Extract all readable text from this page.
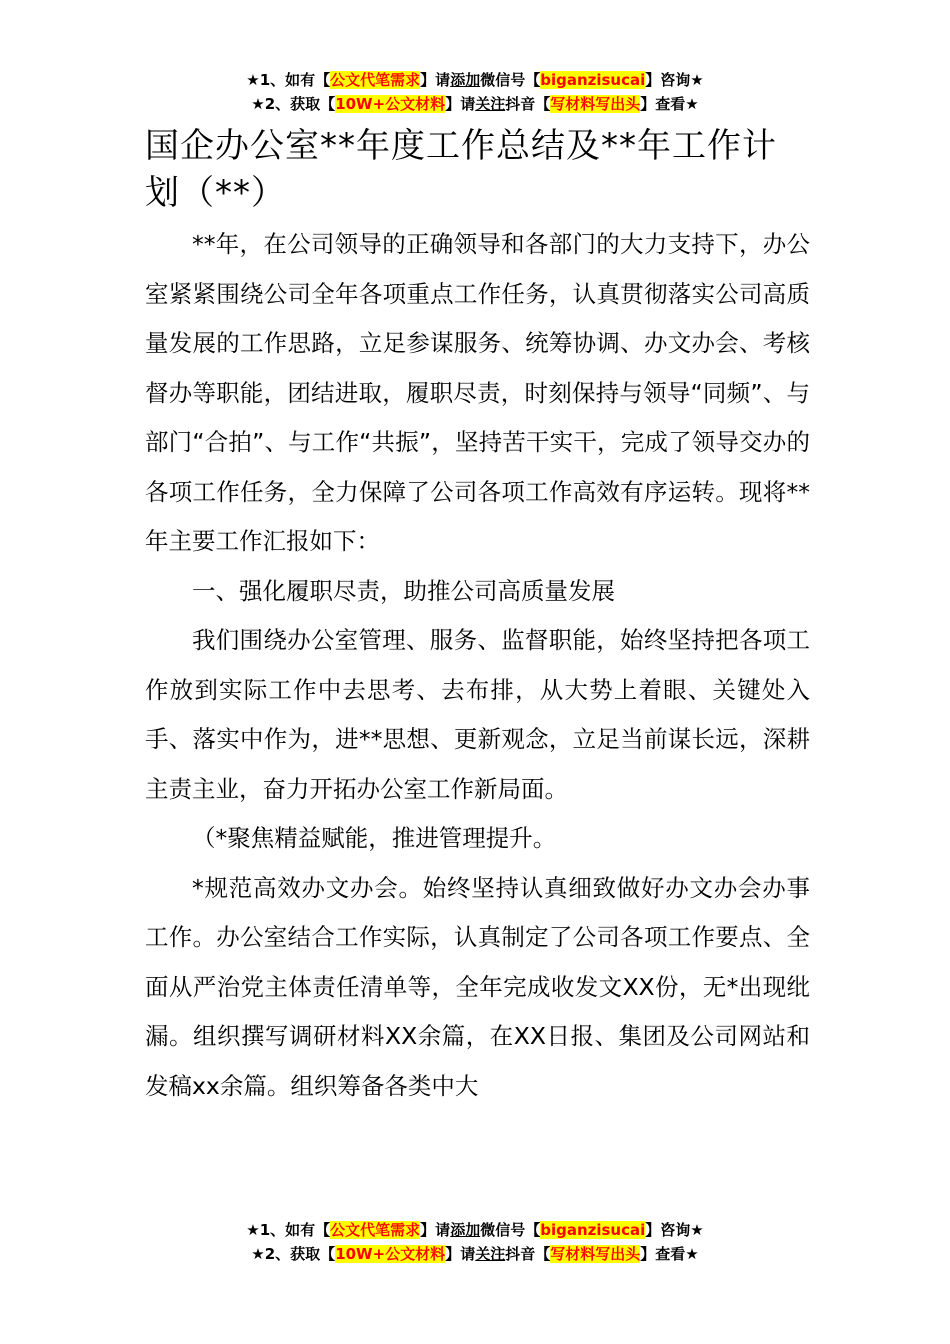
★1、如有【公文代笔需求】请添加微信号【biganzisucai】咨询★
★2、获取【10W+公文材料】请关注抖音【写材料写出头】查看★
国企办公室**年度工作总结及**年工作计划（**）

**年，在公司领导的正确领导和各部门的大力支持下，办公室紧紧围绕公司全年各项重点工作任务，认真贯彻落实公司高质量发展的工作思路，立足参谋服务、统筹协调、办文办会、考核督办等职能，团结进取，履职尽责，时刻保持与领导“同频”、与部门“合拍”、与工作“共振”，坚持苦干实干，完成了领导交办的各项工作任务，全力保障了公司各项工作高效有序运转。现将**年主要工作汇报如下：

一、强化履职尽责，助推公司高质量发展

我们围绕办公室管理、服务、监督职能，始终坚持把各项工作放到实际工作中去思考、去布排，从大势上着眼、关键处入手、落实中作为，进**思想、更新观念，立足当前谋长远，深耕主责主业，奋力开拓办公室工作新局面。

（*聚焦精益赋能，推进管理提升。

*规范高效办文办会。始终坚持认真细致做好办文办会办事工作。办公室结合工作实际，认真制定了公司各项工作要点、全面从严治党主体责任清单等，全年完成收发文XX份，无*出现纰漏。组织撰写调研材料XX余篇，在XX日报、集团及公司网站和发稿xx余篇。组织筹备各类中大

★1、如有【公文代笔需求】请添加微信号【biganzisucai】咨询★
★2、获取【10W+公文材料】请关注抖音【写材料写出头】查看★
